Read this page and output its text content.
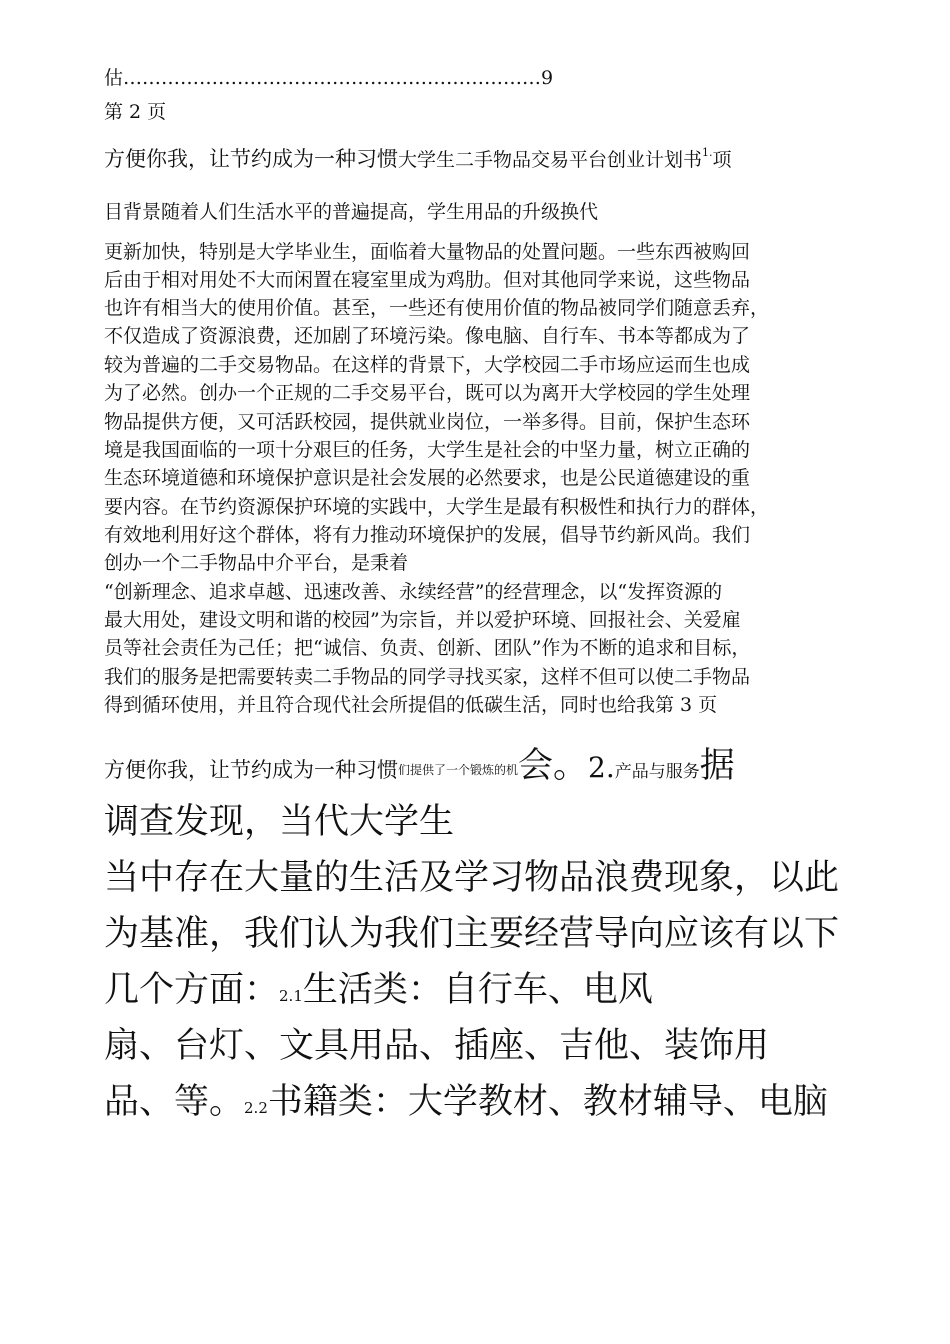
估…………………………………………………………9
第 2 页
方便你我，让节约成为一种习惯大学生二手物品交易平台创业计划书$^{1.}$项
目背景随着人们生活水平的普遍提高，学生用品的升级换代
更新加快，特别是大学毕业生，面临着大量物品的处置问题。一些东西被购回
后由于相对用处不大而闲置在寝室里成为鸡肋。但对其他同学来说，这些物品
也许有相当大的使用价值。甚至，一些还有使用价值的物品被同学们随意丢弃，
不仅造成了资源浪费，还加剧了环境污染。像电脑、自行车、书本等都成为了
较为普遍的二手交易物品。在这样的背景下，大学校园二手市场应运而生也成
为了必然。创办一个正规的二手交易平台，既可以为离开大学校园的学生处理
物品提供方便，又可活跃校园，提供就业岗位，一举多得。目前，保护生态环
境是我国面临的一项十分艰巨的任务，大学生是社会的中坚力量，树立正确的
生态环境道德和环境保护意识是社会发展的必然要求，也是公民道德建设的重
要内容。在节约资源保护环境的实践中，大学生是最有积极性和执行力的群体，
有效地利用好这个群体，将有力推动环境保护的发展，倡导节约新风尚。我们
创办一个二手物品中介平台，是秉着
“创新理念、追求卓越、迅速改善、永续经营”的经营理念，以“发挥资源的
最大用处，建设文明和谐的校园”为宗旨，并以爱护环境、回报社会、关爱雇
员等社会责任为己任；把“诚信、负责、创新、团队”作为不断的追求和目标，
我们的服务是把需要转卖二手物品的同学寻找买家，这样不但可以使二手物品
得到循环使用，并且符合现代社会所提倡的低碳生活，同时也给我第 3 页
方便你我，让节约成为一种习惯$^{们提供了一个锻炼的机}$会。2.产品与服务据
调查发现，当代大学生
当中存在大量的生活及学习物品浪费现象，以此
为基准，我们认为我们主要经营导向应该有以下
几个方面：2.1生活类：自行车、电风
扇、台灯、文具用品、插座、吉他、装饰用
品、等。2.2书籍类：大学教材、教材辅导、电脑
